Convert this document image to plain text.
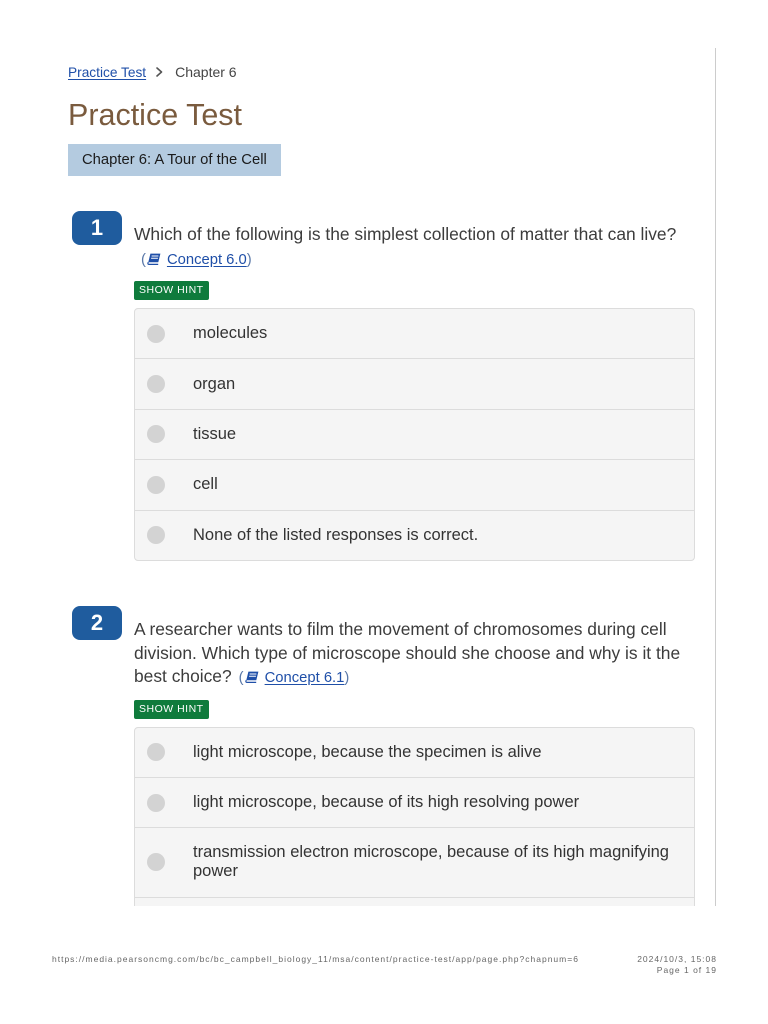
Practice Test Chapter 6
Practice Test
Chapter 6: A Tour of the Cell
1	Which of the following is the simplest collection of matter that can live?( Concept 6.0)
SHOW HINT
molecules
organ
tissue
cell
None of the listed responses is correct.
2	A researcher wants to film the movement of chromosomes during cell division. Which type of microscope should she choose and why is it the best choice? ( Concept 6.1)
SHOW HINT
light microscope, because the specimen is alive
light microscope, because of its high resolving power
transmission electron microscope, because of its high magnifying power
https://media.pearsoncmg.com/bc/bc_campbell_biology_11/msa/content/practice-test/app/page.php?chapnum=6	2024/10/3, 15:08
Page 1 of 19
